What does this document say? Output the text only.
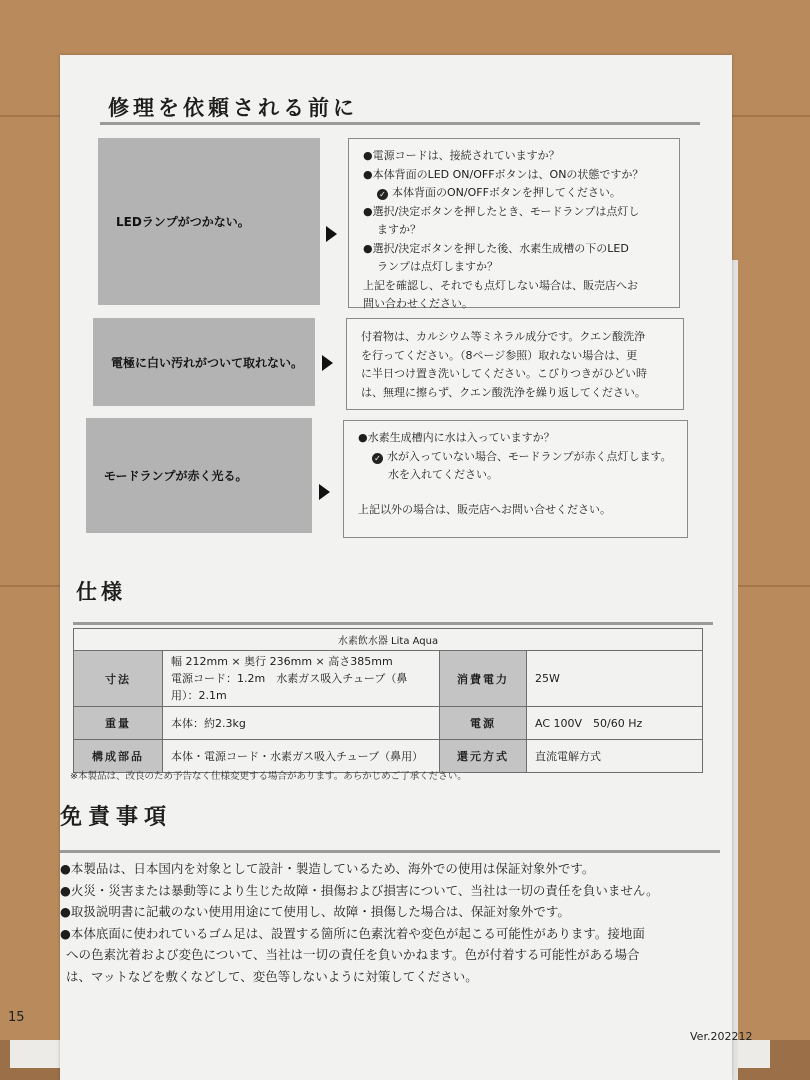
修理を依頼される前に
LEDランプがつかない。
●電源コードは、接続されていますか？
●本体背面のLED ON/OFFボタンは、ONの状態ですか？
✓ 本体背面のON/OFFボタンを押してください。
●選択/決定ボタンを押したとき、モードランプは点灯し
ますか？
●選択/決定ボタンを押した後、水素生成槽の下のLED
ランプは点灯しますか？
上記を確認し、それでも点灯しない場合は、販売店へお
問い合わせください。
電極に白い汚れがついて取れない。
付着物は、カルシウム等ミネラル成分です。クエン酸洗浄
を行ってください。（8ページ参照）取れない場合は、更
に半日つけ置き洗いしてください。こびりつきがひどい時
は、無理に擦らず、クエン酸洗浄を繰り返してください。
モードランプが赤く光る。
●水素生成槽内に水は入っていますか？
✓ 水が入っていない場合、モードランプが赤く点灯します。
水を入れてください。
上記以外の場合は、販売店へお問い合せください。
仕様
水素飲水器 Lita Aqua			
寸法	幅 212mm × 奥行 236mm × 高さ385mm
電源コード：1.2m　水素ガス吸入チューブ（鼻用）：2.1m	消費電力	25W
重量	本体：約2.3kg	電源	AC 100V　50/60 Hz
構成部品	本体・電源コード・水素ガス吸入チューブ（鼻用）	還元方式	直流電解方式
※本製品は、改良のため予告なく仕様変更する場合があります。あらかじめご了承ください。
免責事項
●本製品は、日本国内を対象として設計・製造しているため、海外での使用は保証対象外です。
●火災・災害または暴動等により生じた故障・損傷および損害について、当社は一切の責任を負いません。
●取扱説明書に記載のない使用用途にて使用し、故障・損傷した場合は、保証対象外です。
●本体底面に使われているゴム足は、設置する箇所に色素沈着や変色が起こる可能性があります。接地面
への色素沈着および変色について、当社は一切の責任を負いかねます。色が付着する可能性がある場合
は、マットなどを敷くなどして、変色等しないように対策してください。
15
Ver.202212
